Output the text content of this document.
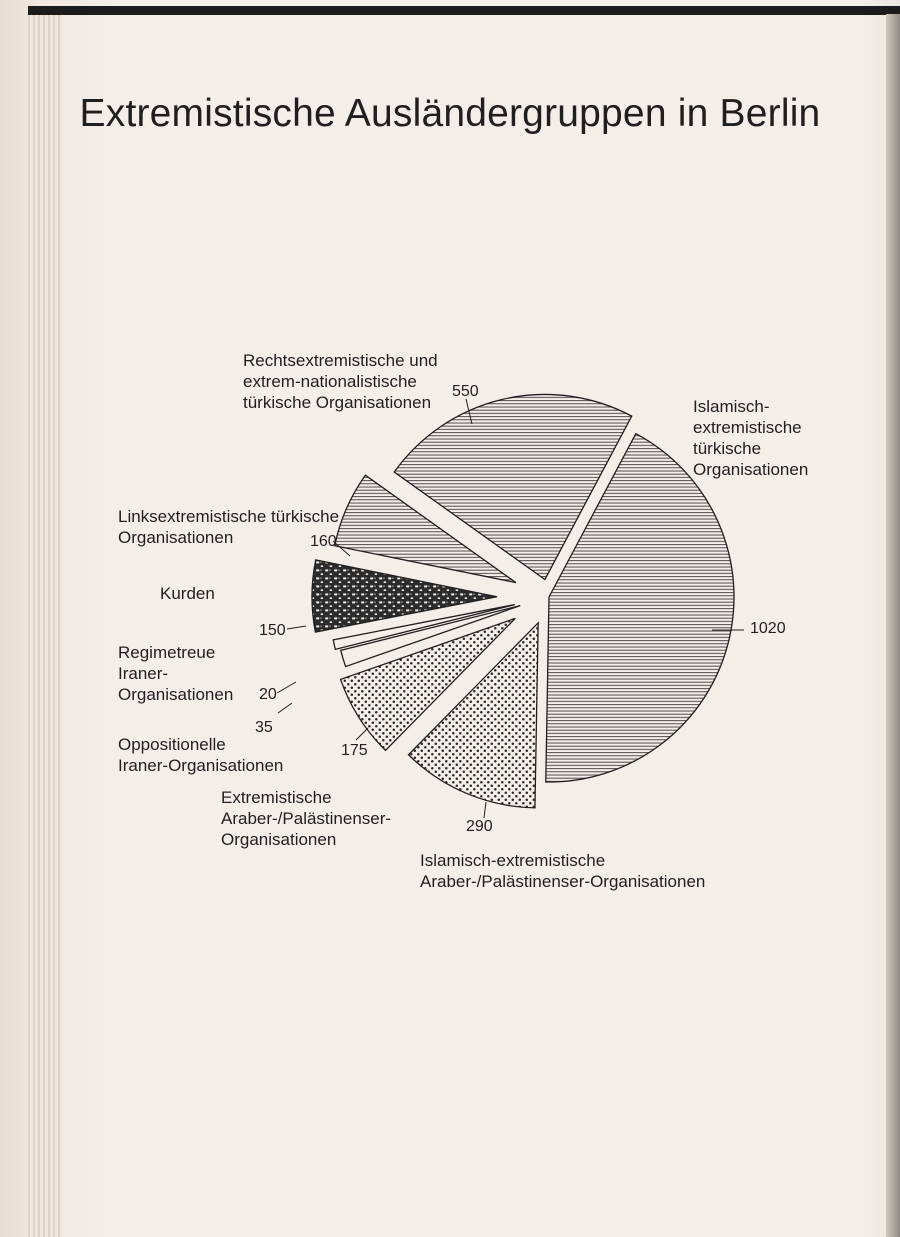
Extremistische Ausländergruppen in Berlin
Rechtsextremistische und
extrem-nationalistische
türkische Organisationen
550
Islamisch-
extremistische
türkische
Organisationen
1020
Linksextremistische türkische
Organisationen	160
Kurden
150
Regimetreue
Iraner-
Organisationen 20
35
Oppositionelle
Iraner-Organisationen
175
Extremistische
Araber-/Palästinenser-
Organisationen
290
Islamisch-extremistische
Araber-/Palästinenser-Organisationen
